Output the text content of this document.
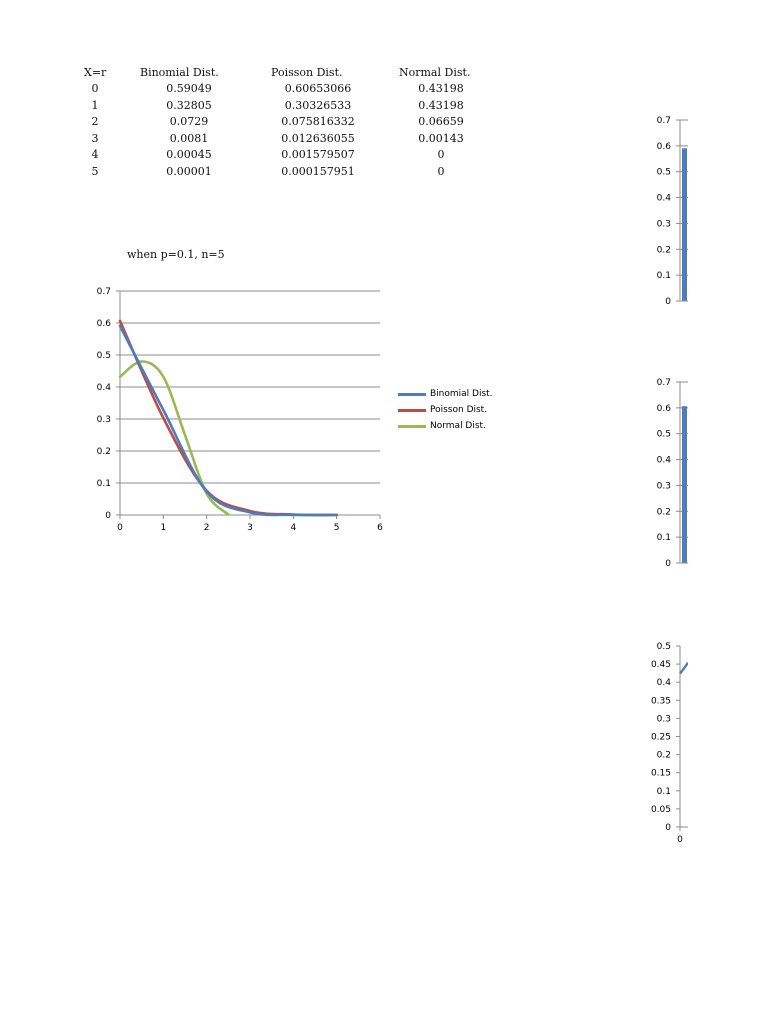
X=r	Binomial Dist.	Poisson Dist.	Normal Dist.
0	0.59049	0.60653066	0.43198
1	0.32805	0.30326533	0.43198
2	0.0729	0.075816332	0.06659
3	0.0081	0.012636055	0.00143
4	0.00045	0.001579507	0
5	0.00001	0.000157951	0
when p=0.1, n=5
0
0.1
0.2
0.3
0.4
0.5
0.6
0.7
0	1	2	3	4	5	6
Binomial Dist.
Poisson Dist.
Normal Dist.
0
0.1
0.2
0.3
0.4
0.5
0.6
0.7
0
0.1
0.2
0.3
0.4
0.5
0.6
0.7
0
0.05
0.1
0.15
0.2
0.25
0.3
0.35
0.4
0.45
0.5
0
